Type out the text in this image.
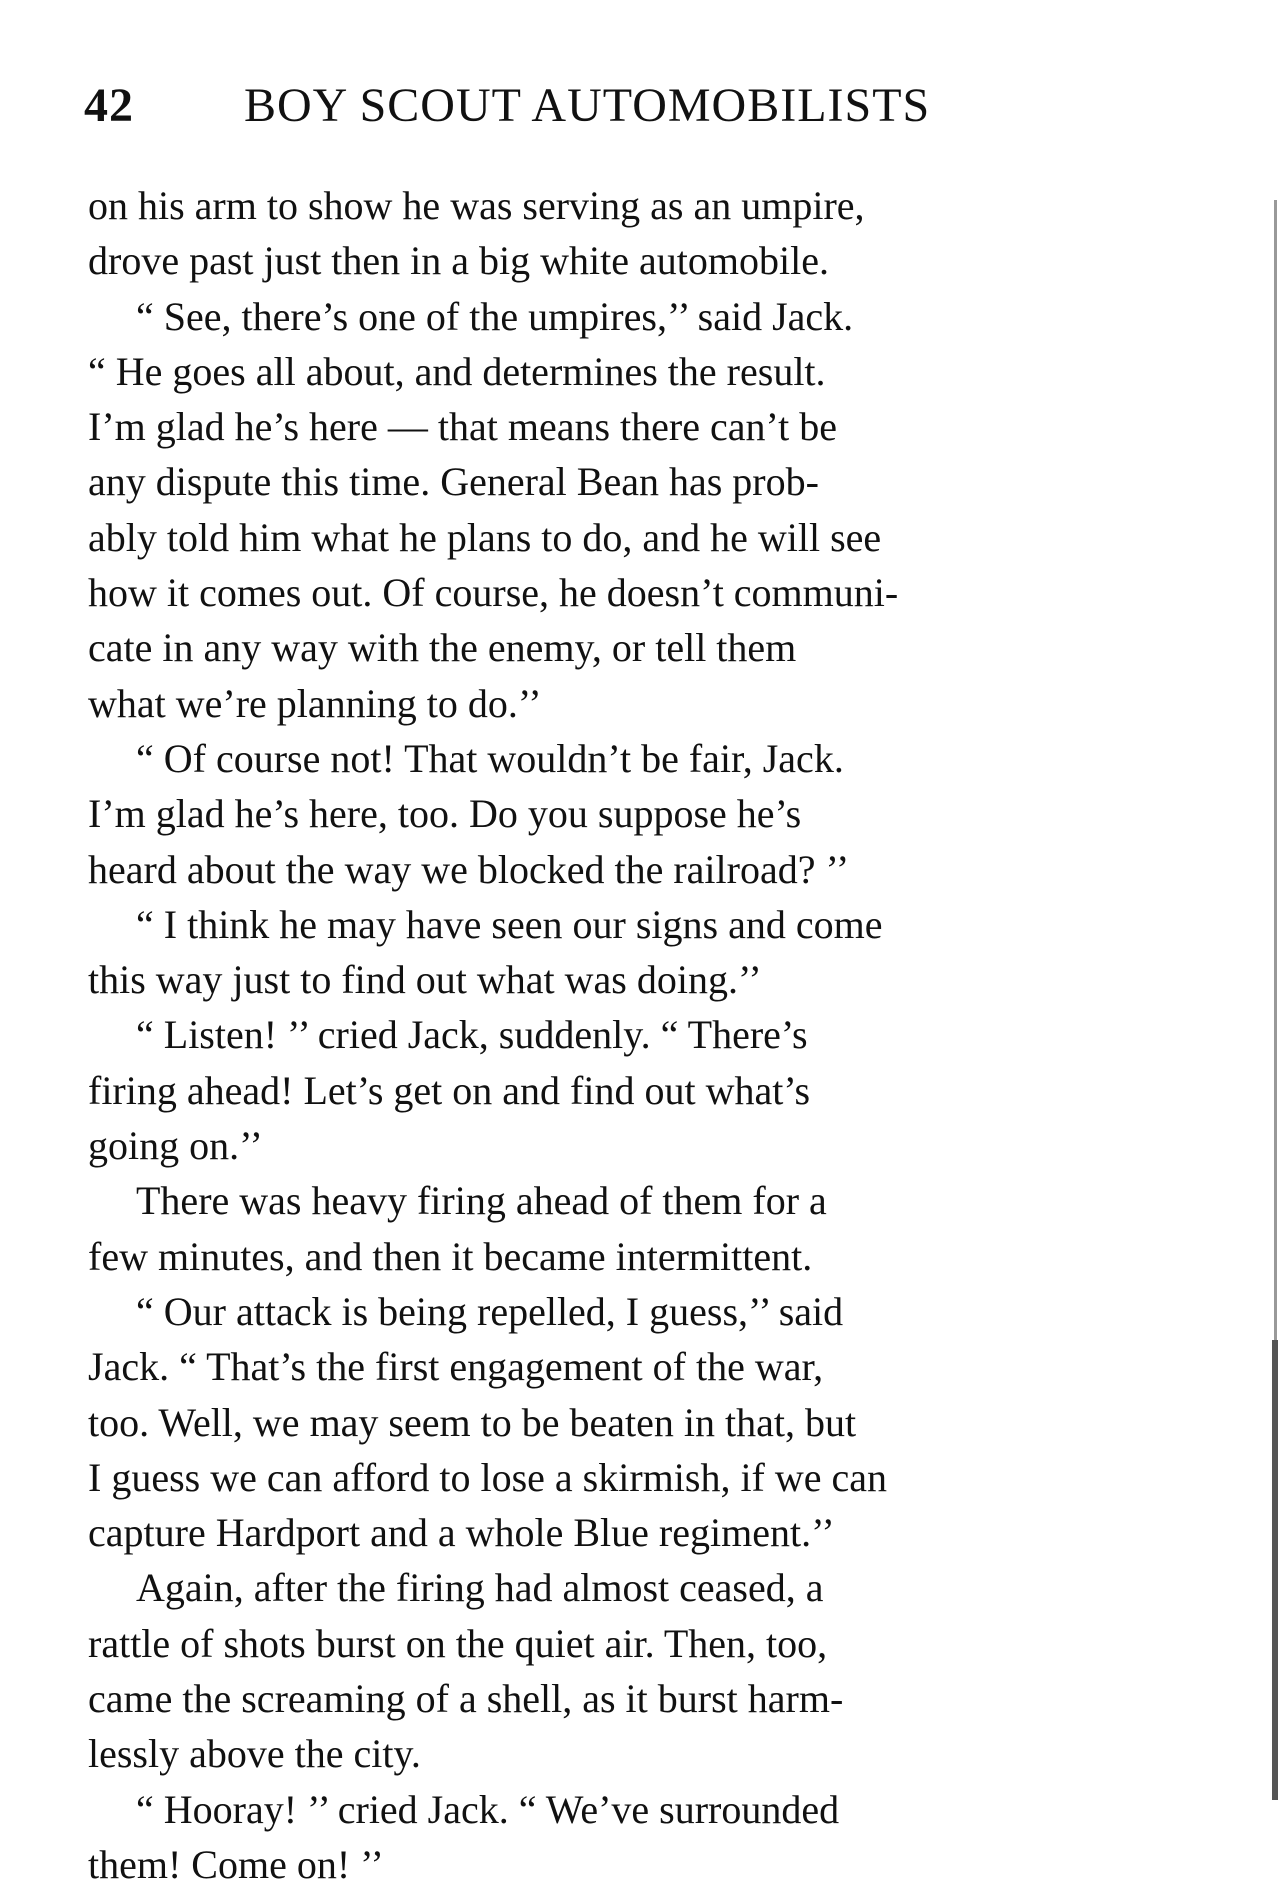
42 BOY SCOUT AUTOMOBILISTS
on his arm to show he was serving as an umpire,
drove past just then in a big white automobile.
“ See, there’s one of the umpires,’’ said Jack.
“ He goes all about, and determines the result.
I’m glad he’s here — that means there can’t be
any dispute this time. General Bean has prob-
ably told him what he plans to do, and he will see
how it comes out. Of course, he doesn’t communi-
cate in any way with the enemy, or tell them
what we’re planning to do.’’
“ Of course not! That wouldn’t be fair, Jack.
I’m glad he’s here, too. Do you suppose he’s
heard about the way we blocked the railroad? ’’
“ I think he may have seen our signs and come
this way just to find out what was doing.’’
“ Listen! ’’ cried Jack, suddenly. “ There’s
firing ahead! Let’s get on and find out what’s
going on.’’
There was heavy firing ahead of them for a
few minutes, and then it became intermittent.
“ Our attack is being repelled, I guess,’’ said
Jack. “ That’s the first engagement of the war,
too. Well, we may seem to be beaten in that, but
I guess we can afford to lose a skirmish, if we can
capture Hardport and a whole Blue regiment.’’
Again, after the firing had almost ceased, a
rattle of shots burst on the quiet air. Then, too,
came the screaming of a shell, as it burst harm-
lessly above the city.
“ Hooray! ’’ cried Jack. “ We’ve surrounded
them! Come on! ’’
